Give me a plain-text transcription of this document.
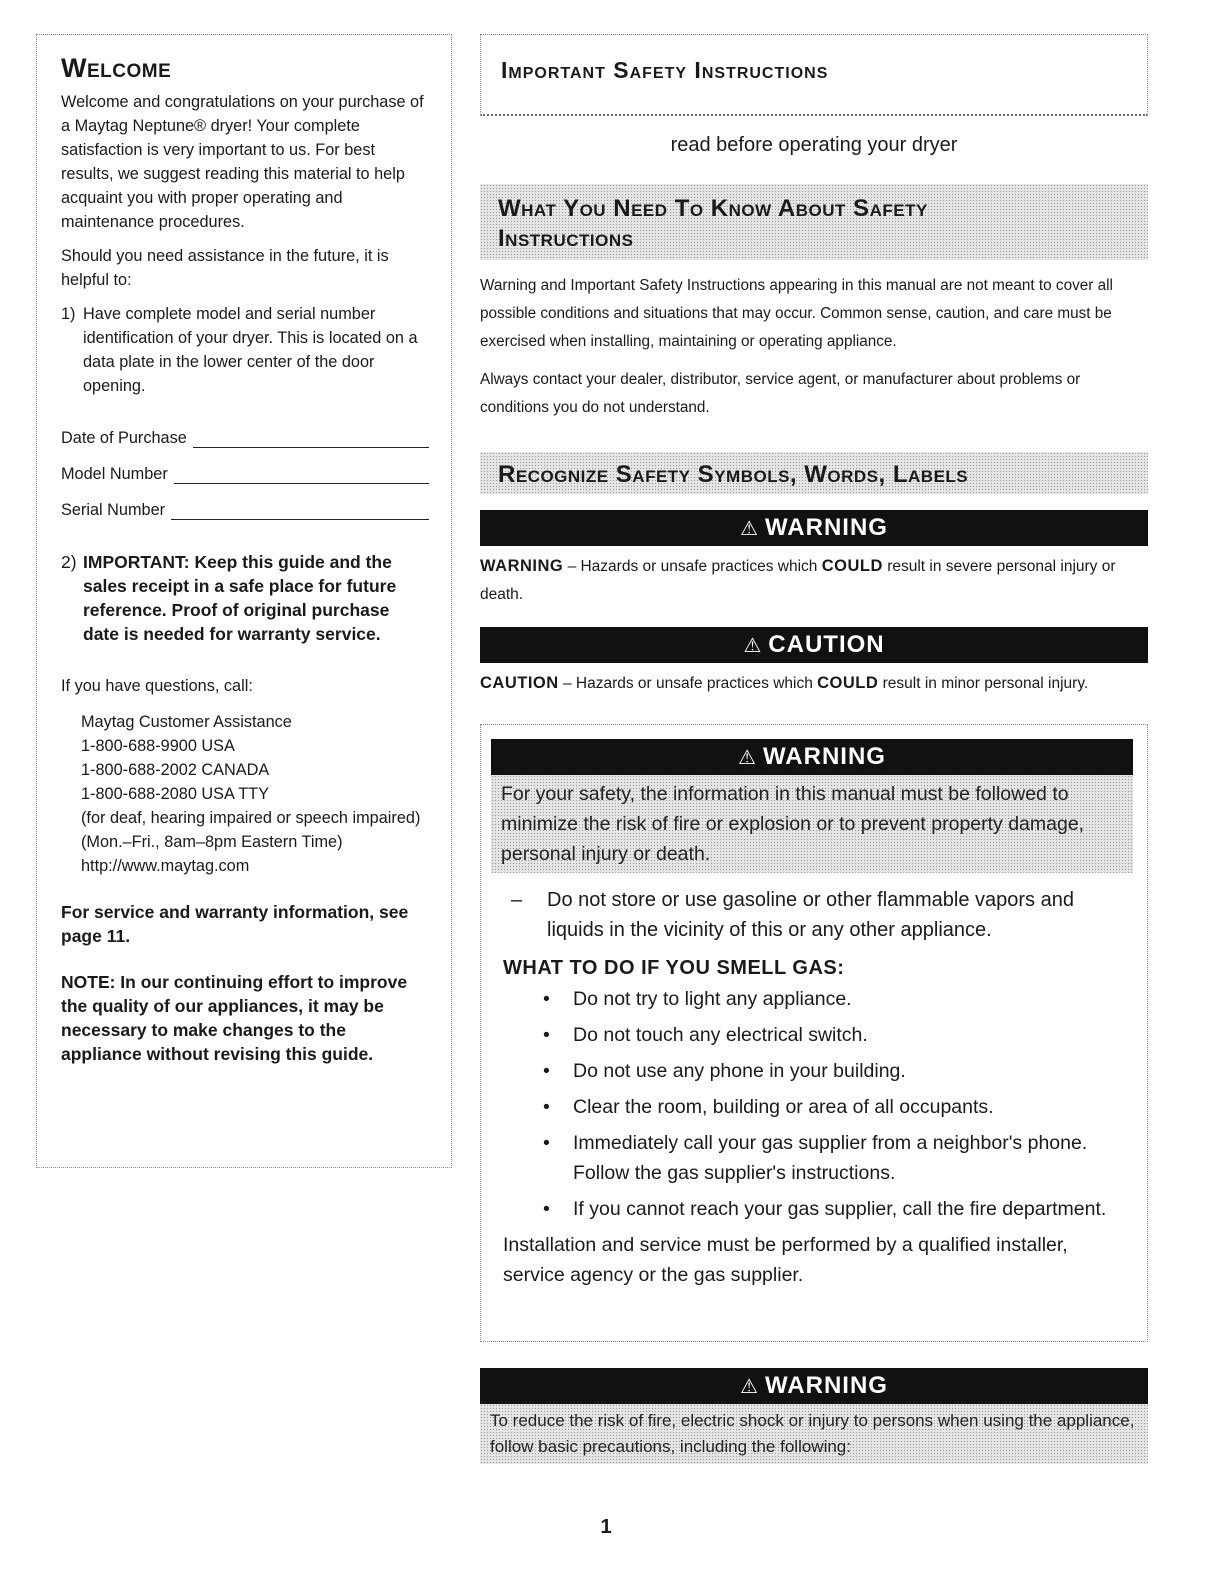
Welcome

Welcome and congratulations on your purchase of a Maytag Neptune® dryer! Your complete satisfaction is very important to us. For best results, we suggest reading this material to help acquaint you with proper operating and maintenance procedures.

Should you need assistance in the future, it is helpful to:

1) Have complete model and serial number identification of your dryer. This is located on a data plate in the lower center of the door opening.
Date of Purchase
Model Number
Serial Number
2) IMPORTANT: Keep this guide and the sales receipt in a safe place for future reference. Proof of original purchase date is needed for warranty service.

If you have questions, call:

Maytag Customer Assistance
1-800-688-9900 USA
1-800-688-2002 CANADA
1-800-688-2080 USA TTY
(for deaf, hearing impaired or speech impaired)
(Mon.–Fri., 8am–8pm Eastern Time)
http://www.maytag.com

For service and warranty information, see page 11.

NOTE: In our continuing effort to improve the quality of our appliances, it may be necessary to make changes to the appliance without revising this guide.

Important Safety Instructions
read before operating your dryer
What You Need To Know About Safety Instructions

Warning and Important Safety Instructions appearing in this manual are not meant to cover all possible conditions and situations that may occur. Common sense, caution, and care must be exercised when installing, maintaining or operating appliance.

Always contact your dealer, distributor, service agent, or manufacturer about problems or conditions you do not understand.

Recognize Safety Symbols, Words, Labels
⚠ WARNING

WARNING – Hazards or unsafe practices which COULD result in severe personal injury or death.

⚠ CAUTION

CAUTION – Hazards or unsafe practices which COULD result in minor personal injury.

⚠ WARNING
For your safety, the information in this manual must be followed to minimize the risk of fire or explosion or to prevent property damage, personal injury or death.
–	Do not store or use gasoline or other flammable vapors and liquids in the vicinity of this or any other appliance.
WHAT TO DO IF YOU SMELL GAS:
•	Do not try to light any appliance.
•	Do not touch any electrical switch.
•	Do not use any phone in your building.
•	Clear the room, building or area of all occupants.
•	Immediately call your gas supplier from a neighbor's phone. Follow the gas supplier's instructions.
•	If you cannot reach your gas supplier, call the fire department.
Installation and service must be performed by a qualified installer, service agency or the gas supplier.
⚠ WARNING
To reduce the risk of fire, electric shock or injury to persons when using the appliance, follow basic precautions, including the following:
1
